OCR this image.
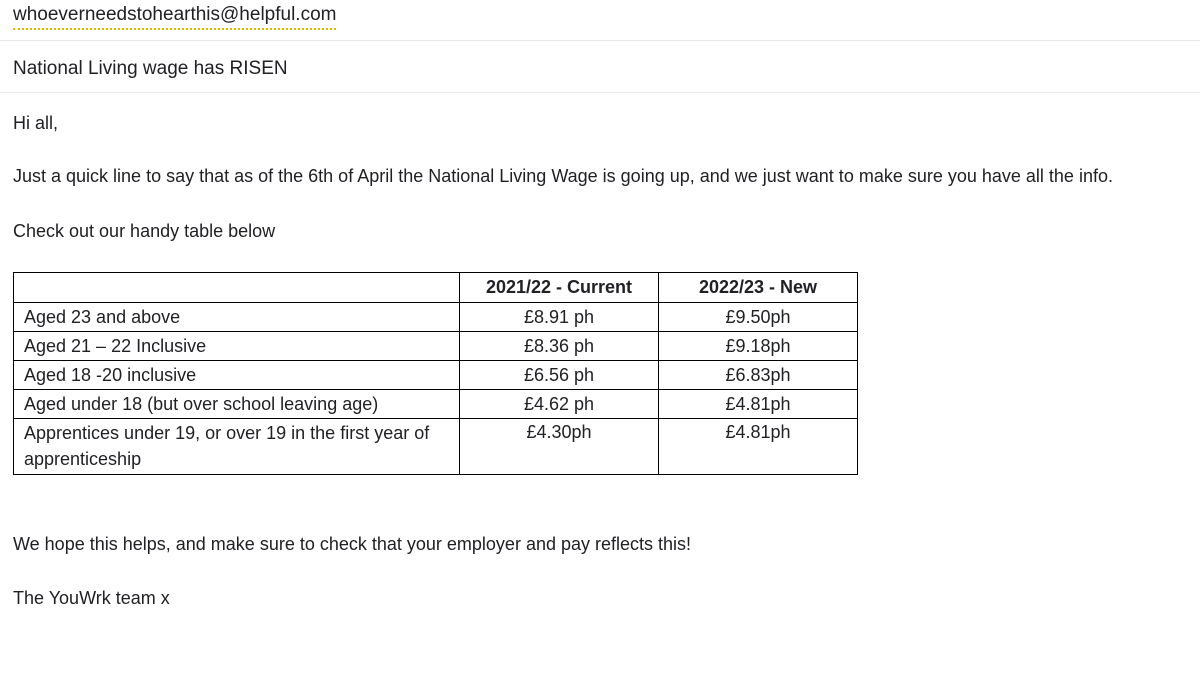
whoeverneedstohearthis@helpful.com
National Living wage has RISEN
Hi all,
Just a quick line to say that as of the 6th of April the National Living Wage is going up, and we just want to make sure you have all the info.
Check out our handy table below
	2021/22 - Current	2022/23 - New
Aged 23 and above	£8.91 ph	£9.50ph
Aged 21 – 22 Inclusive	£8.36 ph	£9.18ph
Aged 18 -20 inclusive	£6.56 ph	£6.83ph
Aged under 18 (but over school leaving age)	£4.62 ph	£4.81ph
Apprentices under 19, or over 19 in the first year of apprenticeship	£4.30ph	£4.81ph
We hope this helps, and make sure to check that your employer and pay reflects this!
The YouWrk team x
